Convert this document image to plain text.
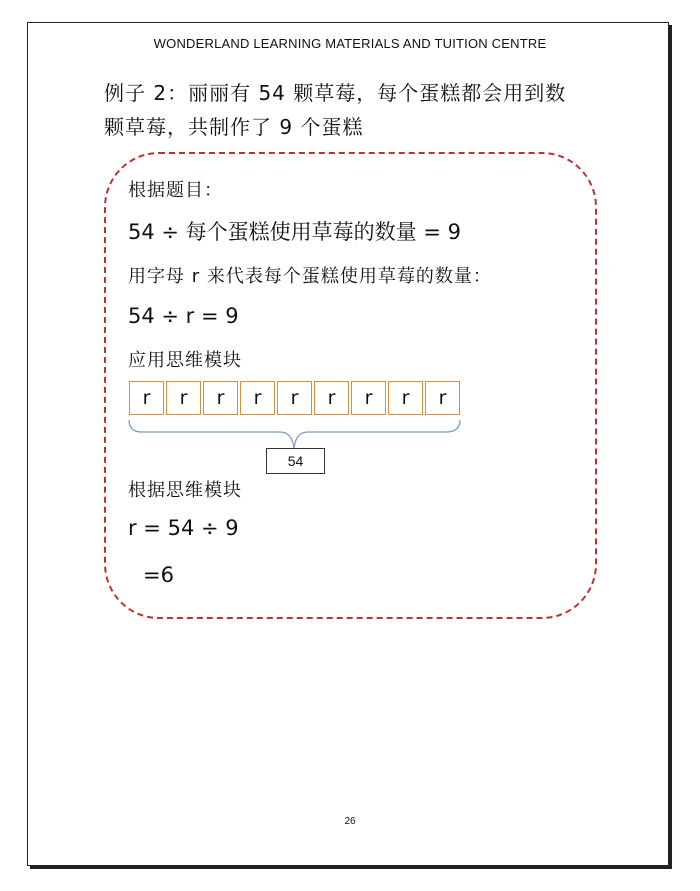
WONDERLAND LEARNING MATERIALS AND TUITION CENTRE
例子 2：丽丽有 54 颗草莓，每个蛋糕都会用到数
颗草莓，共制作了 9 个蛋糕
根据题目：
54 ÷ 每个蛋糕使用草莓的数量 = 9
用字母 r 来代表每个蛋糕使用草莓的数量：
54 ÷ r = 9
应用思维模块
r	r	r	r	r	r	r	r	r
54
根据思维模块
r = 54 ÷ 9
=6
26
